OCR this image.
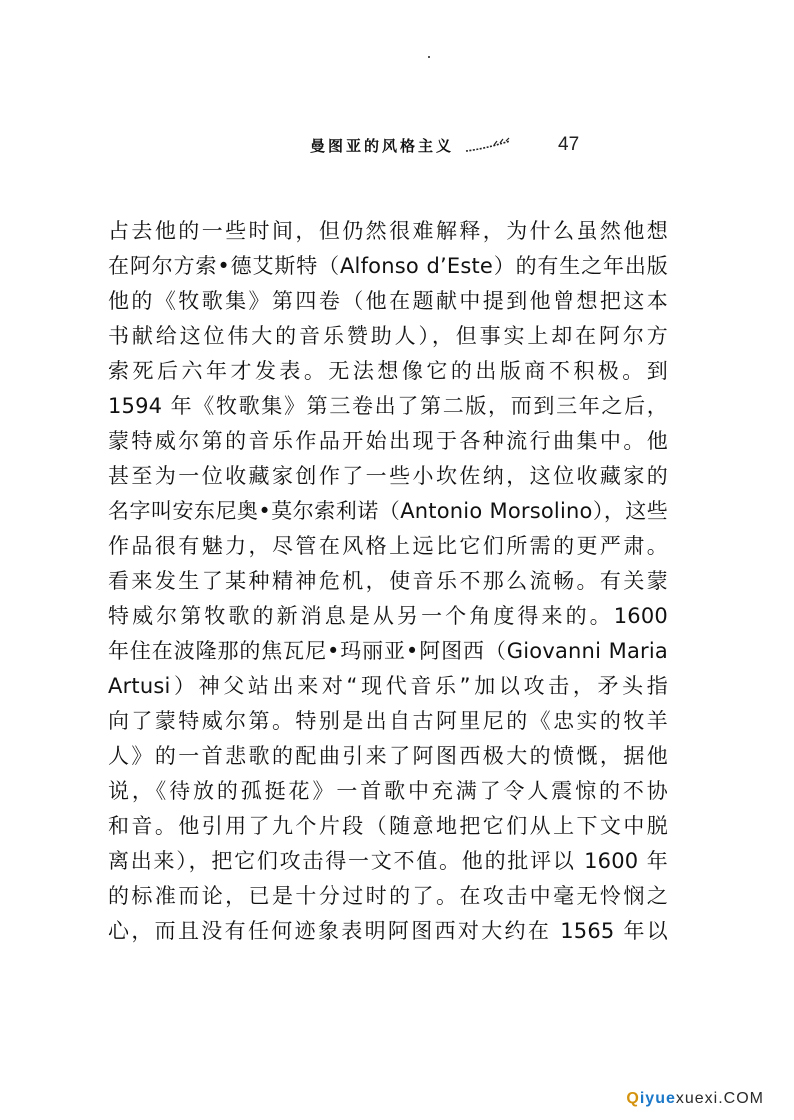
曼图亚的风格主义	47
占去他的一些时间，但仍然很难解释，为什么虽然他想
在阿尔方索•德艾斯特（Alfonso d’Este）的有生之年出版
他的《牧歌集》第四卷（他在题献中提到他曾想把这本
书献给这位伟大的音乐赞助人），但事实上却在阿尔方
索死后六年才发表。无法想像它的出版商不积极。到
1594 年《牧歌集》第三卷出了第二版，而到三年之后，
蒙特威尔第的音乐作品开始出现于各种流行曲集中。他
甚至为一位收藏家创作了一些小坎佐纳，这位收藏家的
名字叫安东尼奥•莫尔索利诺（Antonio Morsolino），这些
作品很有魅力，尽管在风格上远比它们所需的更严肃。
看来发生了某种精神危机，使音乐不那么流畅。有关蒙
特威尔第牧歌的新消息是从另一个角度得来的。1600
年住在波隆那的焦瓦尼•玛丽亚•阿图西（Giovanni Maria
Artusi）神父站出来对“现代音乐”加以攻击，矛头指
向了蒙特威尔第。特别是出自古阿里尼的《忠实的牧羊
人》的一首悲歌的配曲引来了阿图西极大的愤慨，据他
说，《待放的孤挺花》一首歌中充满了令人震惊的不协
和音。他引用了九个片段（随意地把它们从上下文中脱
离出来），把它们攻击得一文不值。他的批评以 1600 年
的标准而论，已是十分过时的了。在攻击中毫无怜悯之
心，而且没有任何迹象表明阿图西对大约在 1565 年以
Qiyuexuexi.COM
